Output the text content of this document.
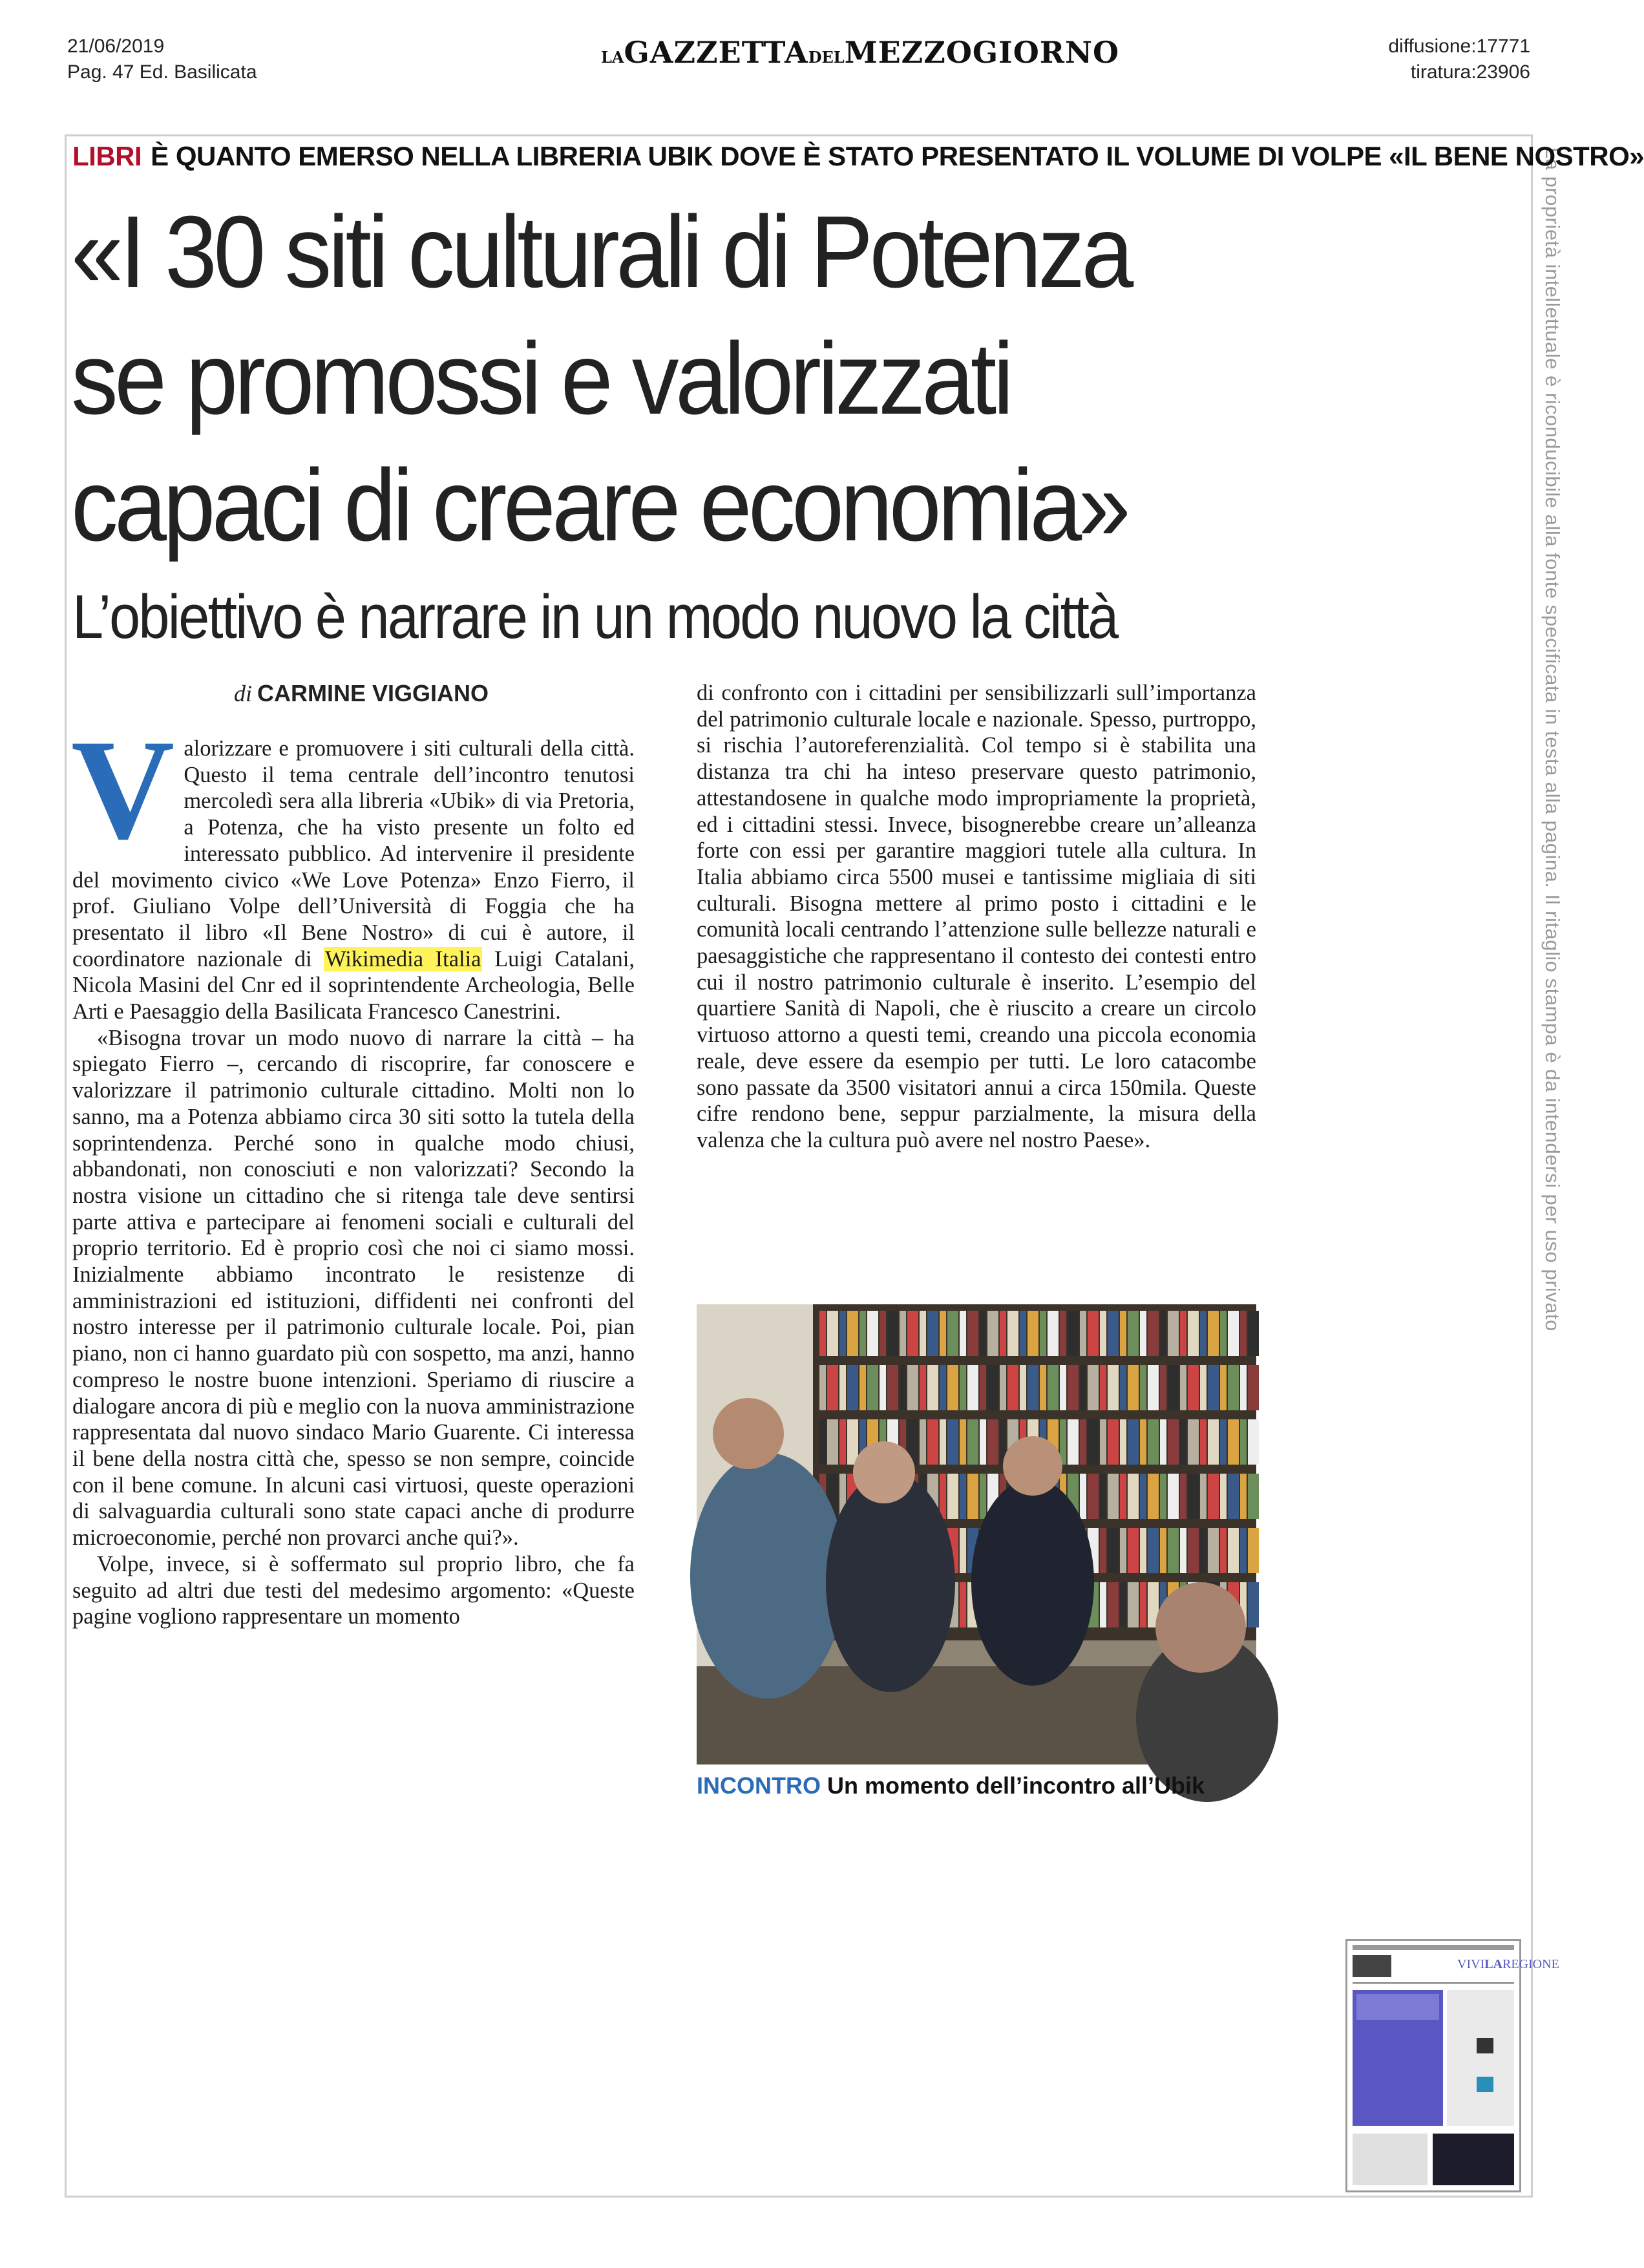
21/06/2019
Pag. 47 Ed. Basilicata
LAGAZZETTADELMEZZOGIORNO	diffusione:17771
tiratura:23906
La proprietà intellettuale è riconducibile alla fonte specificata in testa alla pagina. Il ritaglio stampa è da intendersi per uso privato
LIBRI È QUANTO EMERSO NELLA LIBRERIA UBIK DOVE È STATO PRESENTATO IL VOLUME DI VOLPE «IL BENE NOSTRO»
«I 30 siti culturali di Potenza
se promossi e valorizzati
capaci di creare economia»
L’obiettivo è narrare in un modo nuovo la città
di CARMINE VIGGIANO

Valorizzare e promuovere i siti culturali della città. Questo il tema centrale dell’incontro tenutosi mercoledì sera alla libreria «Ubik» di via Pretoria, a Potenza, che ha visto presente un folto ed interessato pubblico. Ad intervenire il presidente del movimento civico «We Love Potenza» Enzo Fierro, il prof. Giuliano Volpe dell’Università di Foggia che ha presentato il libro «Il Bene Nostro» di cui è autore, il coordinatore nazionale di Wikimedia Italia Luigi Catalani, Nicola Masini del Cnr ed il soprintendente Archeologia, Belle Arti e Paesaggio della Basilicata Francesco Canestrini.

«Bisogna trovar un modo nuovo di narrare la città – ha spiegato Fierro –, cercando di riscoprire, far conoscere e valorizzare il patrimonio culturale cittadino. Molti non lo sanno, ma a Potenza abbiamo circa 30 siti sotto la tutela della soprintendenza. Perché sono in qualche modo chiusi, abbandonati, non conosciuti e non valorizzati? Secondo la nostra visione un cittadino che si ritenga tale deve sentirsi parte attiva e partecipare ai fenomeni sociali e culturali del proprio territorio. Ed è proprio così che noi ci siamo mossi. Inizialmente abbiamo incontrato le resistenze di amministrazioni ed istituzioni, diffidenti nei confronti del nostro interesse per il patrimonio culturale locale. Poi, pian piano, non ci hanno guardato più con sospetto, ma anzi, hanno compreso le nostre buone intenzioni. Speriamo di riuscire a dialogare ancora di più e meglio con la nuova amministrazione rappresentata dal nuovo sindaco Mario Guarente. Ci interessa il bene della nostra città che, spesso se non sempre, coincide con il bene comune. In alcuni casi virtuosi, queste operazioni di salvaguardia culturali sono state capaci anche di produrre microeconomie, perché non provarci anche qui?».

Volpe, invece, si è soffermato sul proprio libro, che fa seguito ad altri due testi del medesimo argomento: «Queste pagine vogliono rappresentare un momento

di confronto con i cittadini per sensibilizzarli sull’importanza del patrimonio culturale locale e nazionale. Spesso, purtroppo, si rischia l’autoreferenzialità. Col tempo si è stabilita una distanza tra chi ha inteso preservare questo patrimonio, attestandosene in qualche modo impropriamente la proprietà, ed i cittadini stessi. Invece, bisognerebbe creare un’alleanza forte con essi per garantire maggiori tutele alla cultura. In Italia abbiamo circa 5500 musei e tantissime migliaia di siti culturali. Bisogna mettere al primo posto i cittadini e le comunità locali centrando l’attenzione sulle bellezze naturali e paesaggistiche che rappresentano il contesto dei contesti entro cui il nostro patrimonio culturale è inserito. L’esempio del quartiere Sanità di Napoli, che è riuscito a creare un circolo virtuoso attorno a questi temi, creando una piccola economia reale, deve essere da esempio per tutti. Le loro catacombe sono passate da 3500 visitatori annui a circa 150mila. Queste cifre rendono bene, seppur parzialmente, la misura della valenza che la cultura può avere nel nostro Paese».

INCONTRO Un momento dell’incontro all’Ubik
VIVILAREGIONE
